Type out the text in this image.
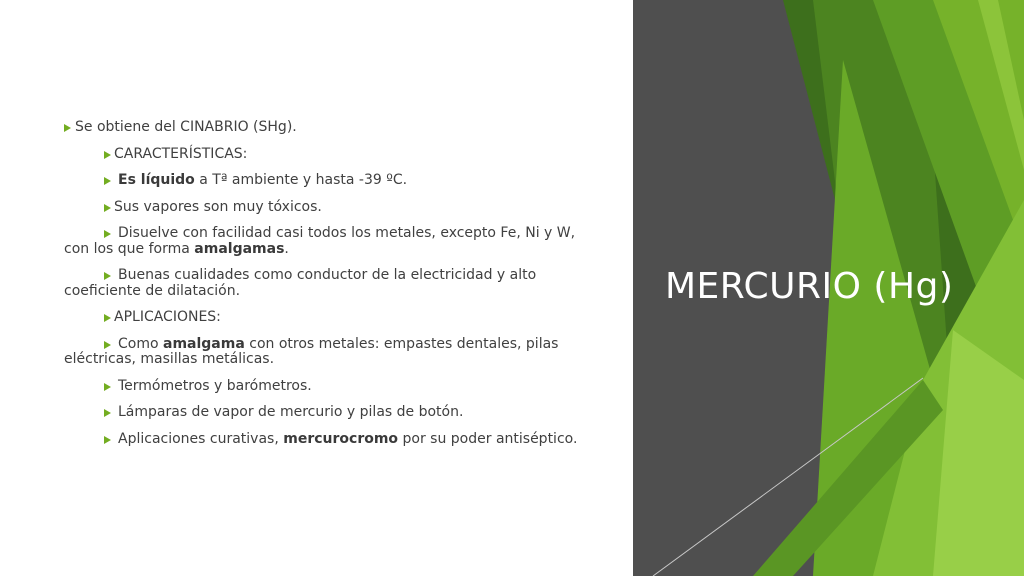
Se obtiene del CINABRIO (SHg).
CARACTERÍSTICAS:
Es líquido a Tª ambiente y hasta -39 ºC.
Sus vapores son muy tóxicos.
Disuelve con facilidad casi todos los metales, excepto Fe, Ni y W, con los que forma amalgamas.
Buenas cualidades como conductor de la electricidad y alto coeficiente de dilatación.
APLICACIONES:
Como amalgama con otros metales: empastes dentales, pilas eléctricas, masillas metálicas.
Termómetros y barómetros.
Lámparas de vapor de mercurio y pilas de botón.
Aplicaciones curativas, mercurocromo por su poder antiséptico.
MERCURIO (Hg)
